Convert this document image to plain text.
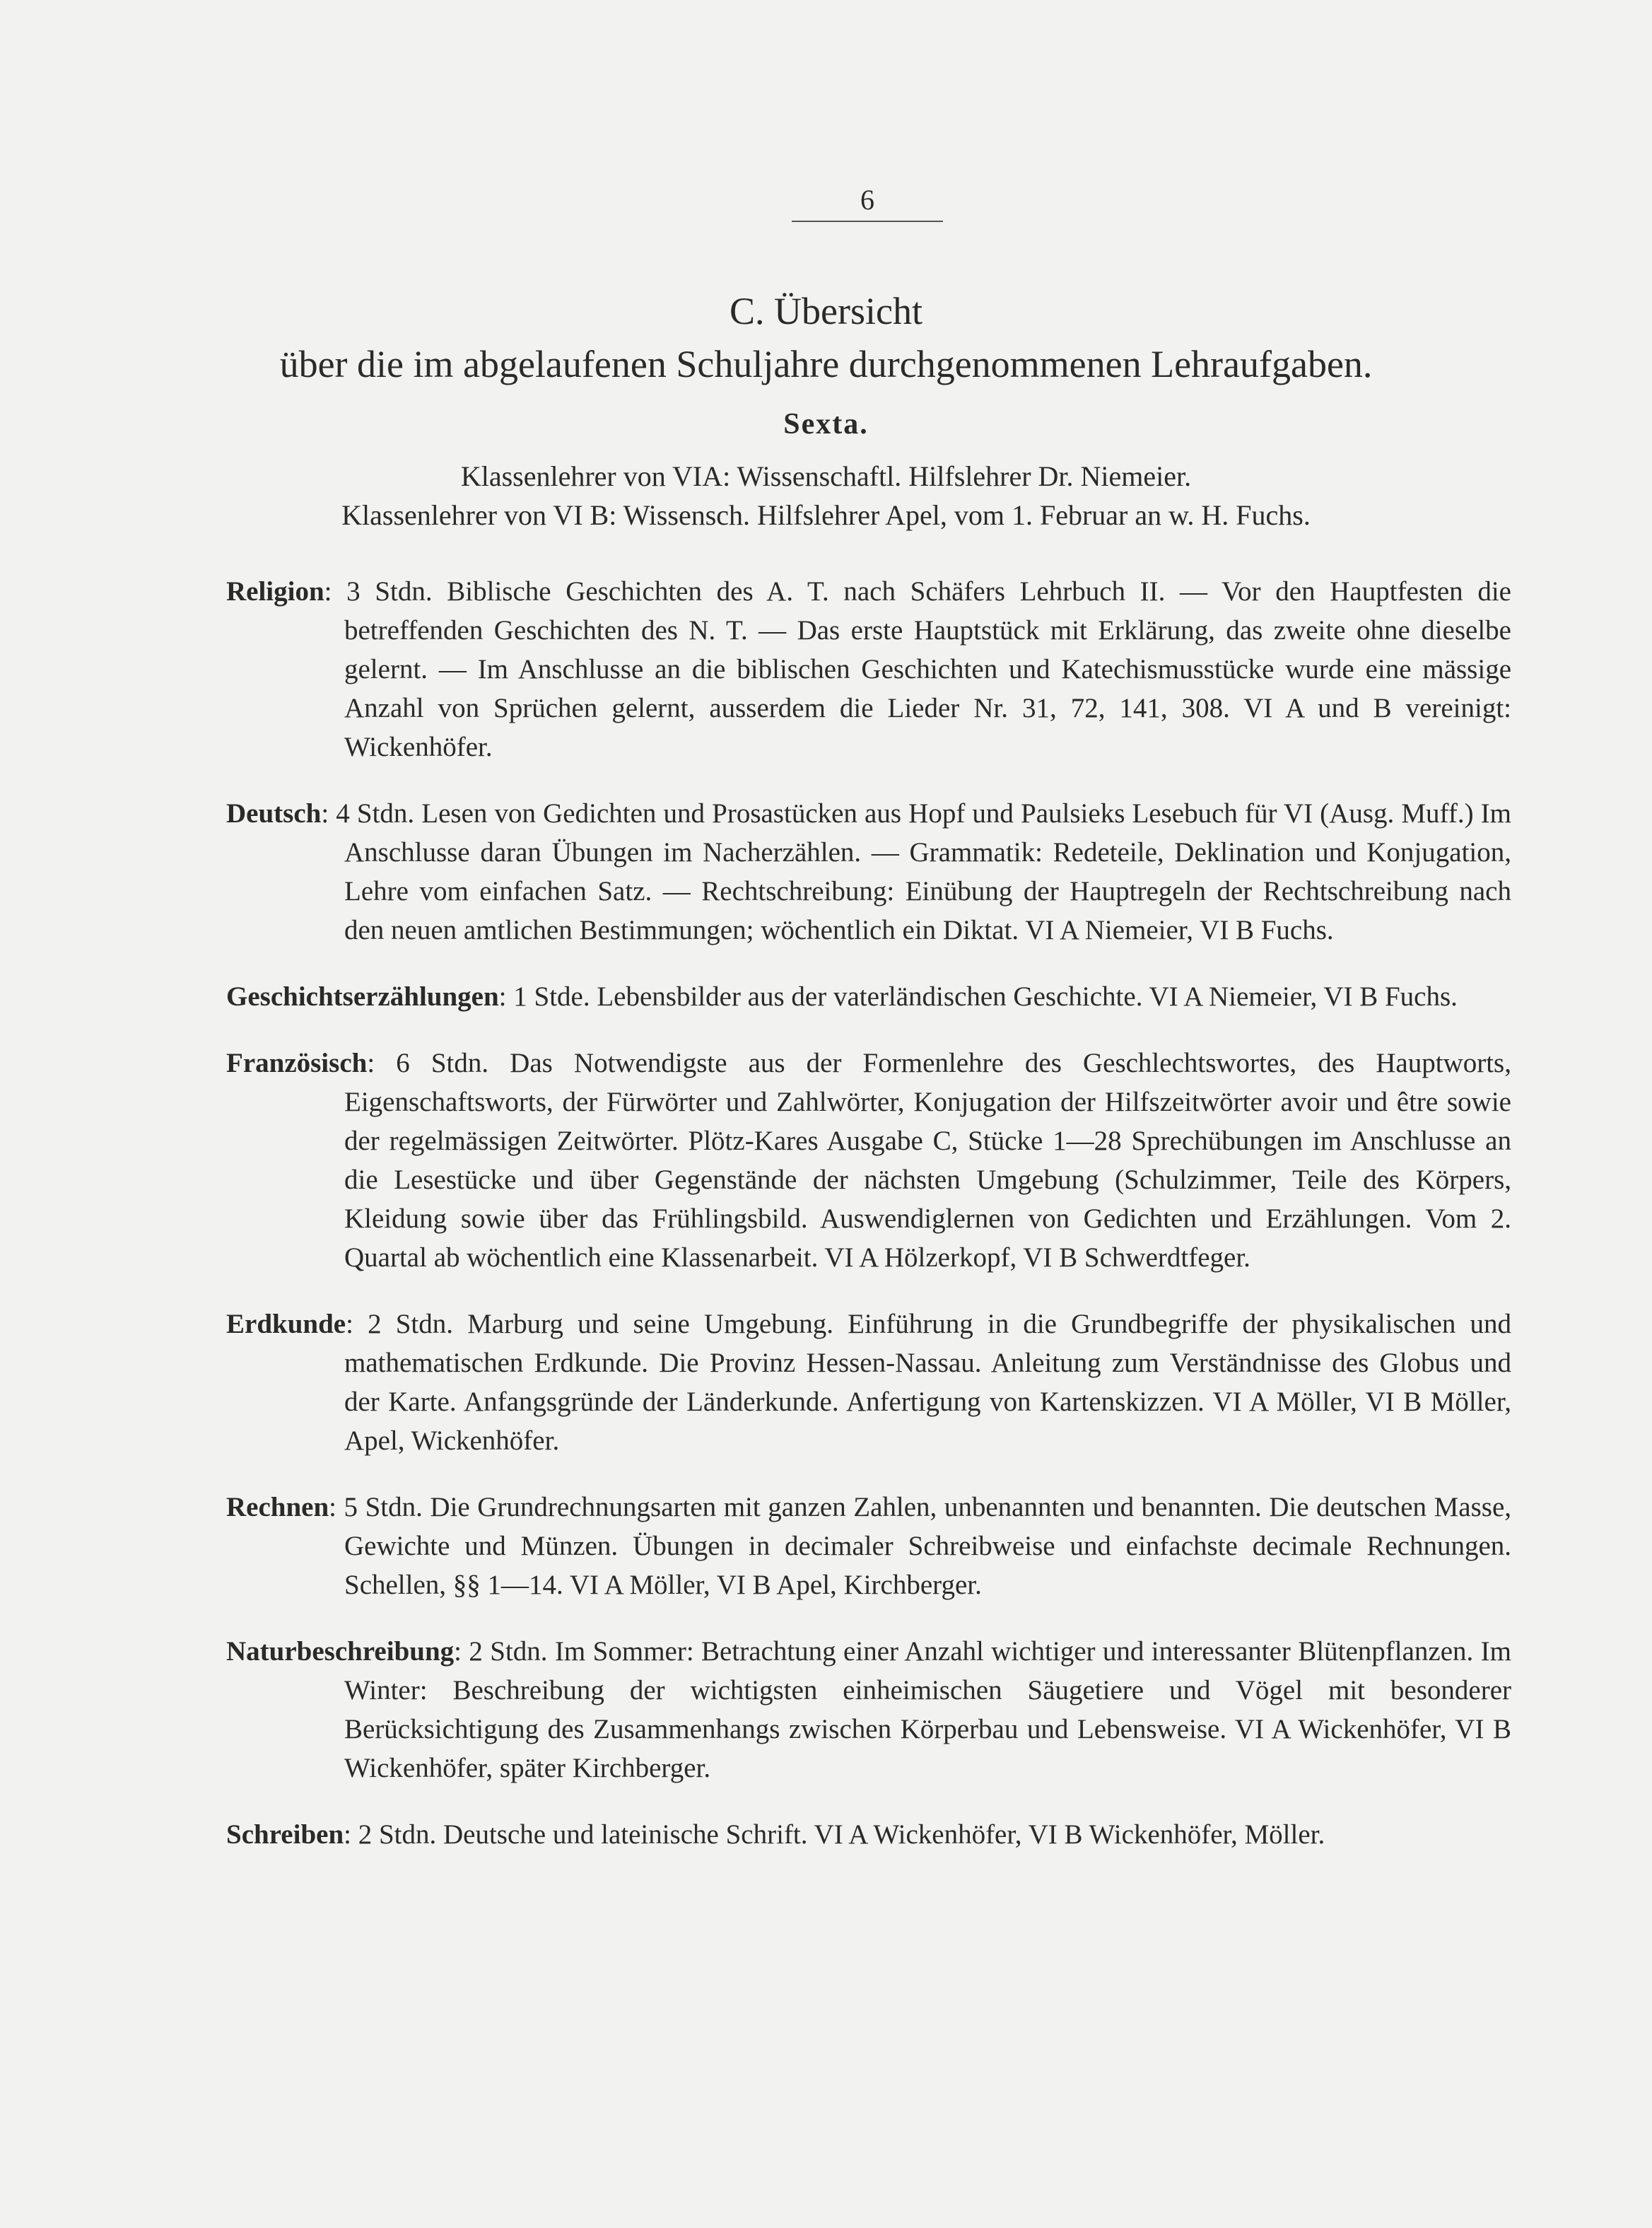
6
C. Übersicht
über die im abgelaufenen Schuljahre durchgenommenen Lehraufgaben.
Sexta.
Klassenlehrer von VIA: Wissenschaftl. Hilfslehrer Dr. Niemeier.
Klassenlehrer von VI B: Wissensch. Hilfslehrer Apel, vom 1. Februar an w. H. Fuchs.

Religion: 3 Stdn. Biblische Geschichten des A. T. nach Schäfers Lehrbuch II. — Vor den Hauptfesten die betreffenden Geschichten des N. T. — Das erste Hauptstück mit Erklärung, das zweite ohne dieselbe gelernt. — Im Anschlusse an die biblischen Geschichten und Katechismusstücke wurde eine mässige Anzahl von Sprüchen gelernt, ausserdem die Lieder Nr. 31, 72, 141, 308. VI A und B vereinigt: Wickenhöfer.

Deutsch: 4 Stdn. Lesen von Gedichten und Prosastücken aus Hopf und Paulsieks Lesebuch für VI (Ausg. Muff.) Im Anschlusse daran Übungen im Nacherzählen. — Grammatik: Redeteile, Deklination und Konjugation, Lehre vom einfachen Satz. — Rechtschreibung: Einübung der Hauptregeln der Rechtschreibung nach den neuen amtlichen Bestimmungen; wöchentlich ein Diktat. VI A Niemeier, VI B Fuchs.

Geschichtserzählungen: 1 Stde. Lebensbilder aus der vaterländischen Geschichte. VI A Niemeier, VI B Fuchs.

Französisch: 6 Stdn. Das Notwendigste aus der Formenlehre des Geschlechtswortes, des Hauptworts, Eigenschaftsworts, der Fürwörter und Zahlwörter, Konjugation der Hilfszeitwörter avoir und être sowie der regelmässigen Zeitwörter. Plötz-Kares Ausgabe C, Stücke 1—28 Sprechübungen im Anschlusse an die Lesestücke und über Gegenstände der nächsten Umgebung (Schulzimmer, Teile des Körpers, Kleidung sowie über das Frühlingsbild. Auswendiglernen von Gedichten und Erzählungen. Vom 2. Quartal ab wöchentlich eine Klassenarbeit. VI A Hölzerkopf, VI B Schwerdtfeger.

Erdkunde: 2 Stdn. Marburg und seine Umgebung. Einführung in die Grundbegriffe der physikalischen und mathematischen Erdkunde. Die Provinz Hessen-Nassau. Anleitung zum Verständnisse des Globus und der Karte. Anfangsgründe der Länderkunde. Anfertigung von Kartenskizzen. VI A Möller, VI B Möller, Apel, Wickenhöfer.

Rechnen: 5 Stdn. Die Grundrechnungsarten mit ganzen Zahlen, unbenannten und benannten. Die deutschen Masse, Gewichte und Münzen. Übungen in decimaler Schreibweise und einfachste decimale Rechnungen. Schellen, §§ 1—14. VI A Möller, VI B Apel, Kirchberger.

Naturbeschreibung: 2 Stdn. Im Sommer: Betrachtung einer Anzahl wichtiger und interessanter Blütenpflanzen. Im Winter: Beschreibung der wichtigsten einheimischen Säugetiere und Vögel mit besonderer Berücksichtigung des Zusammenhangs zwischen Körperbau und Lebensweise. VI A Wickenhöfer, VI B Wickenhöfer, später Kirchberger.

Schreiben: 2 Stdn. Deutsche und lateinische Schrift. VI A Wickenhöfer, VI B Wickenhöfer, Möller.
